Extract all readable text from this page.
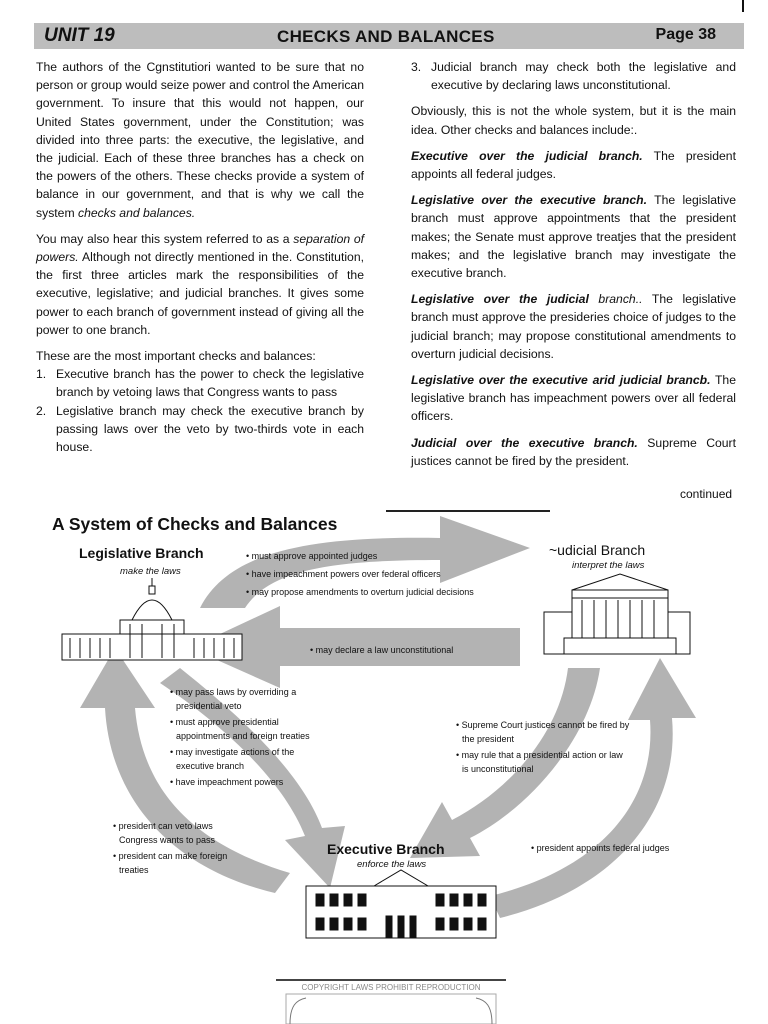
UNIT 19	CHECKS AND BALANCES	Page 38

The authors of the Cgnstitutiori wanted to be sure that no person or group would seize power and control the American government. To insure that this would not happen, our United States government, under the Constitution; was divided into three parts: the executive, the legislative, and the judicial. Each of these three branches has a check on the powers of the others. These checks provide a system of balance in our government, and that is why we call the system checks and balances.

You may also hear this system referred to as a separation of powers. Although not directly mentioned in the. Constitution, the first three articles mark the responsibilities of the executive, legislative; and judicial branches. It gives some power to each branch of government instead of giving all the power to one branch.

These are the most important checks and balances:

1. Executive branch has the power to check the legislative branch by vetoing laws that Congress wants to pass
2. Legislative branch may check the executive branch by passing laws over the veto by two-thirds vote in each house.
3. Judicial branch may check both the legislative and executive by declaring laws unconstitutional.

Obviously, this is not the whole system, but it is the main idea. Other checks and balances include:.

Executive over the judicial branch. The president appoints all federal judges.

Legislative over the executive branch. The legislative branch must approve appointments that the president makes; the Senate must approve treatjes that the president makes; and the legislative branch may investigate the executive branch.

Legislative over the judicial branch.. The legislative branch must approve the presideries choice of judges to the judicial branch; may propose constitutional amendments to overturn judicial decisions.

Legislative over the executive arid judicial brancb. The legislative branch has impeachment powers over all federal officers.

Judicial over the executive branch. Supreme Court justices cannot be fired by the president.

continued
A System of Checks and Balances
Legislative Branch
make the laws
~udicial Branch
interpret the laws
Executive Branch
enforce the laws
• must approve appointed judges
• have impeachment powers over federal officers
• may propose amendments to overturn judicial decisions
• may declare a law unconstitutional
• may pass laws by overriding a
presidential veto
• must approve presidential
appointments and foreign treaties
• may investigate actions of the
executive branch
• have impeachment powers
• Supreme Court justices cannot be fired by
the president
• may rule that a presidential action or law
is unconstitutional
• president can veto laws
Congress wants to pass
• president can make foreign
treaties
• president appoints federal judges
COPYRIGHT LAWS PROHIBIT REPRODUCTION
